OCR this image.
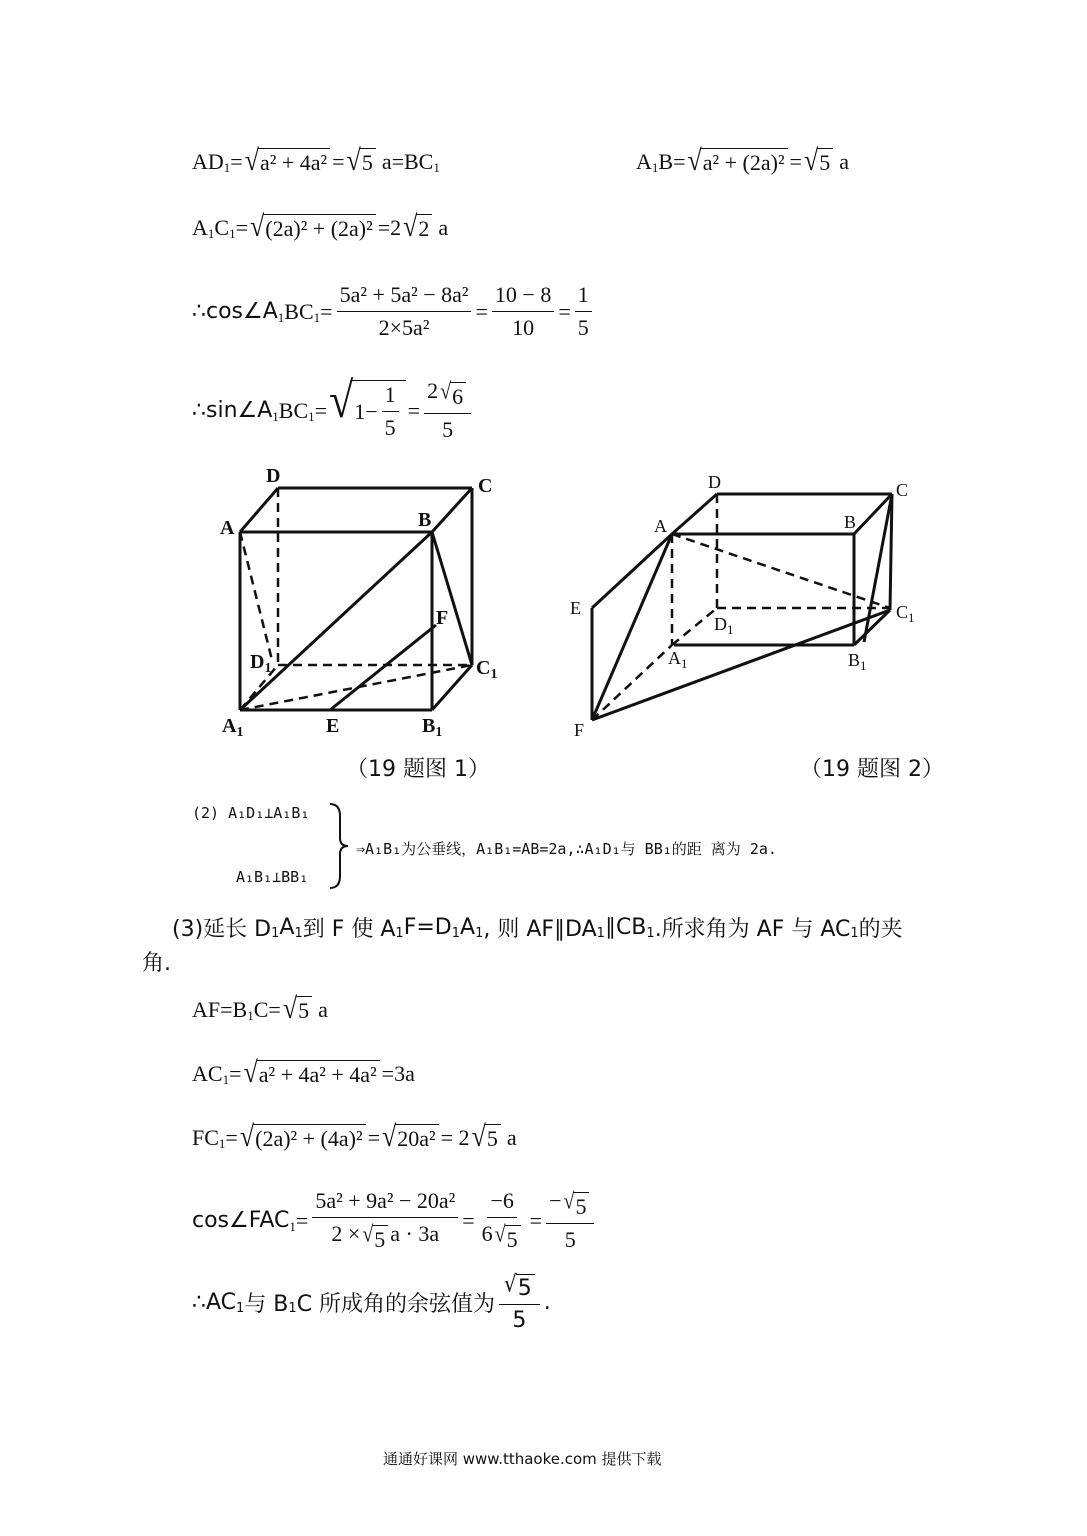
AD 1 = √ a² + 4a² = √ 5 a=BC 1	A 1 B= √ a² + (2a)² = √ 5 a
A 1 C 1 = √ (2a)² + (2a)² =2 √ 2 a
∴cos∠A 1 BC $1 = \frac{\text{5a² + 5a² − 8a²}}{\text{2×5a²}} = \frac{10 - 8}{10} = \frac{1}{5}$
∴sin∠A 1 BC 1 = √ $1- \frac{1}{5} = \frac{2 √ 6}{5}$
D	C
A	B
F
$D_1$	$C_1$
$A_1$	E	$B_1$
D	C
A	B
E
$D_1$
$C_1$
$A_1$	$B_1$
F
（19 题图 1）	（19 题图 2）
(2) A₁D₁⊥A₁B₁
A₁B₁⊥BB₁
⇒A₁B₁为公垂线，A₁B₁=AB=2a,∴A₁D₁与 BB₁的距 离为 2a.
(3)延长 D 1 A 1 到 F 使 A 1 F=D 1 A 1 , 则 AF∥DA 1 ∥CB 1 .所求角为 AF 与 AC 1 的夹
角.
AF=B 1 C= √ 5 a
AC 1 = √ a² + 4a² + 4a² =3a
FC 1 = √ (2a)² + (4a)² = √ 20a² = 2 √ 5 a
cos∠FAC $1 = \frac{\text{5a² + 9a² − 20a²}}{2 \times √ 5 a \cdot 3a} = \frac{-6}{6 √ 5} = \frac{- √ 5}{5}$
∴AC 1 与 B 1 C 所成角的余弦值为 $\frac{√ 5}{5}$ .
通通好课网 www.tthaoke.com 提供下载
